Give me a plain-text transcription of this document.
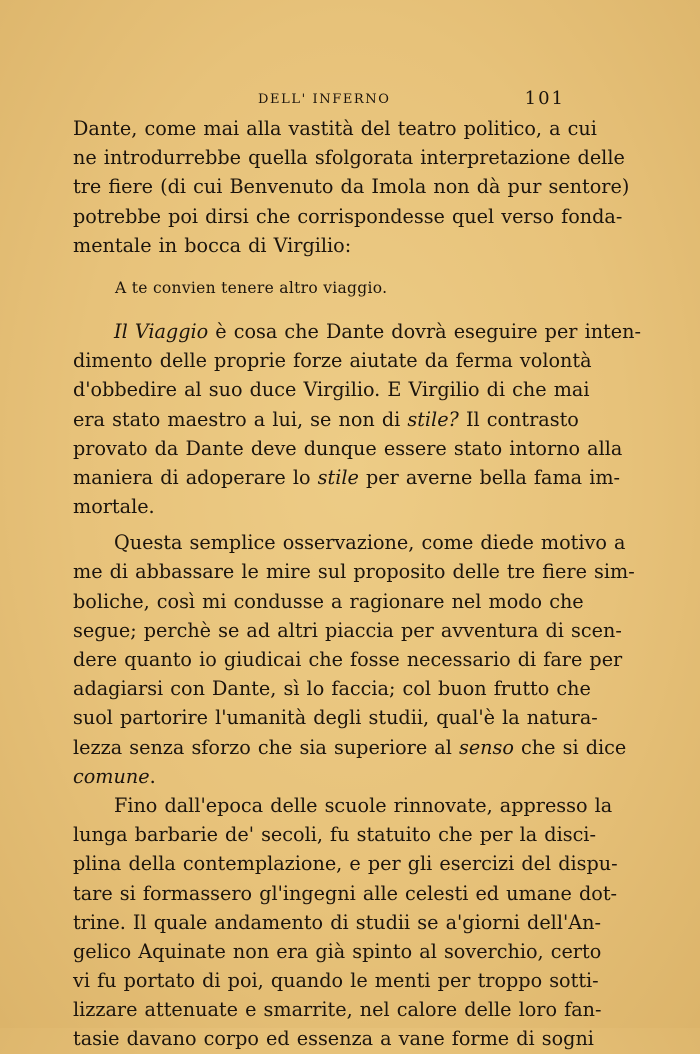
DELL' INFERNO	101
Dante, come mai alla vastità del teatro politico, a cui
ne introdurrebbe quella sfolgorata interpretazione delle
tre fiere (di cui Benvenuto da Imola non dà pur sentore)
potrebbe poi dirsi che corrispondesse quel verso fonda-
mentale in bocca di Virgilio:
A te convien tenere altro viaggio.
Il Viaggio è cosa che Dante dovrà eseguire per inten-
dimento delle proprie forze aiutate da ferma volontà
d'obbedire al suo duce Virgilio. E Virgilio di che mai
era stato maestro a lui, se non di stile? Il contrasto
provato da Dante deve dunque essere stato intorno alla
maniera di adoperare lo stile per averne bella fama im-
mortale.
Questa semplice osservazione, come diede motivo a
me di abbassare le mire sul proposito delle tre fiere sim-
boliche, così mi condusse a ragionare nel modo che
segue; perchè se ad altri piaccia per avventura di scen-
dere quanto io giudicai che fosse necessario di fare per
adagiarsi con Dante, sì lo faccia; col buon frutto che
suol partorire l'umanità degli studii, qual'è la natura-
lezza senza sforzo che sia superiore al senso che si dice
comune.
Fino dall'epoca delle scuole rinnovate, appresso la
lunga barbarie de' secoli, fu statuito che per la disci-
plina della contemplazione, e per gli esercizi del dispu-
tare si formassero gl'ingegni alle celesti ed umane dot-
trine. Il quale andamento di studii se a'giorni dell'An-
gelico Aquinate non era già spinto al soverchio, certo
vi fu portato di poi, quando le menti per troppo sotti-
lizzare attenuate e smarrite, nel calore delle loro fan-
tasie davano corpo ed essenza a vane forme di sogni
